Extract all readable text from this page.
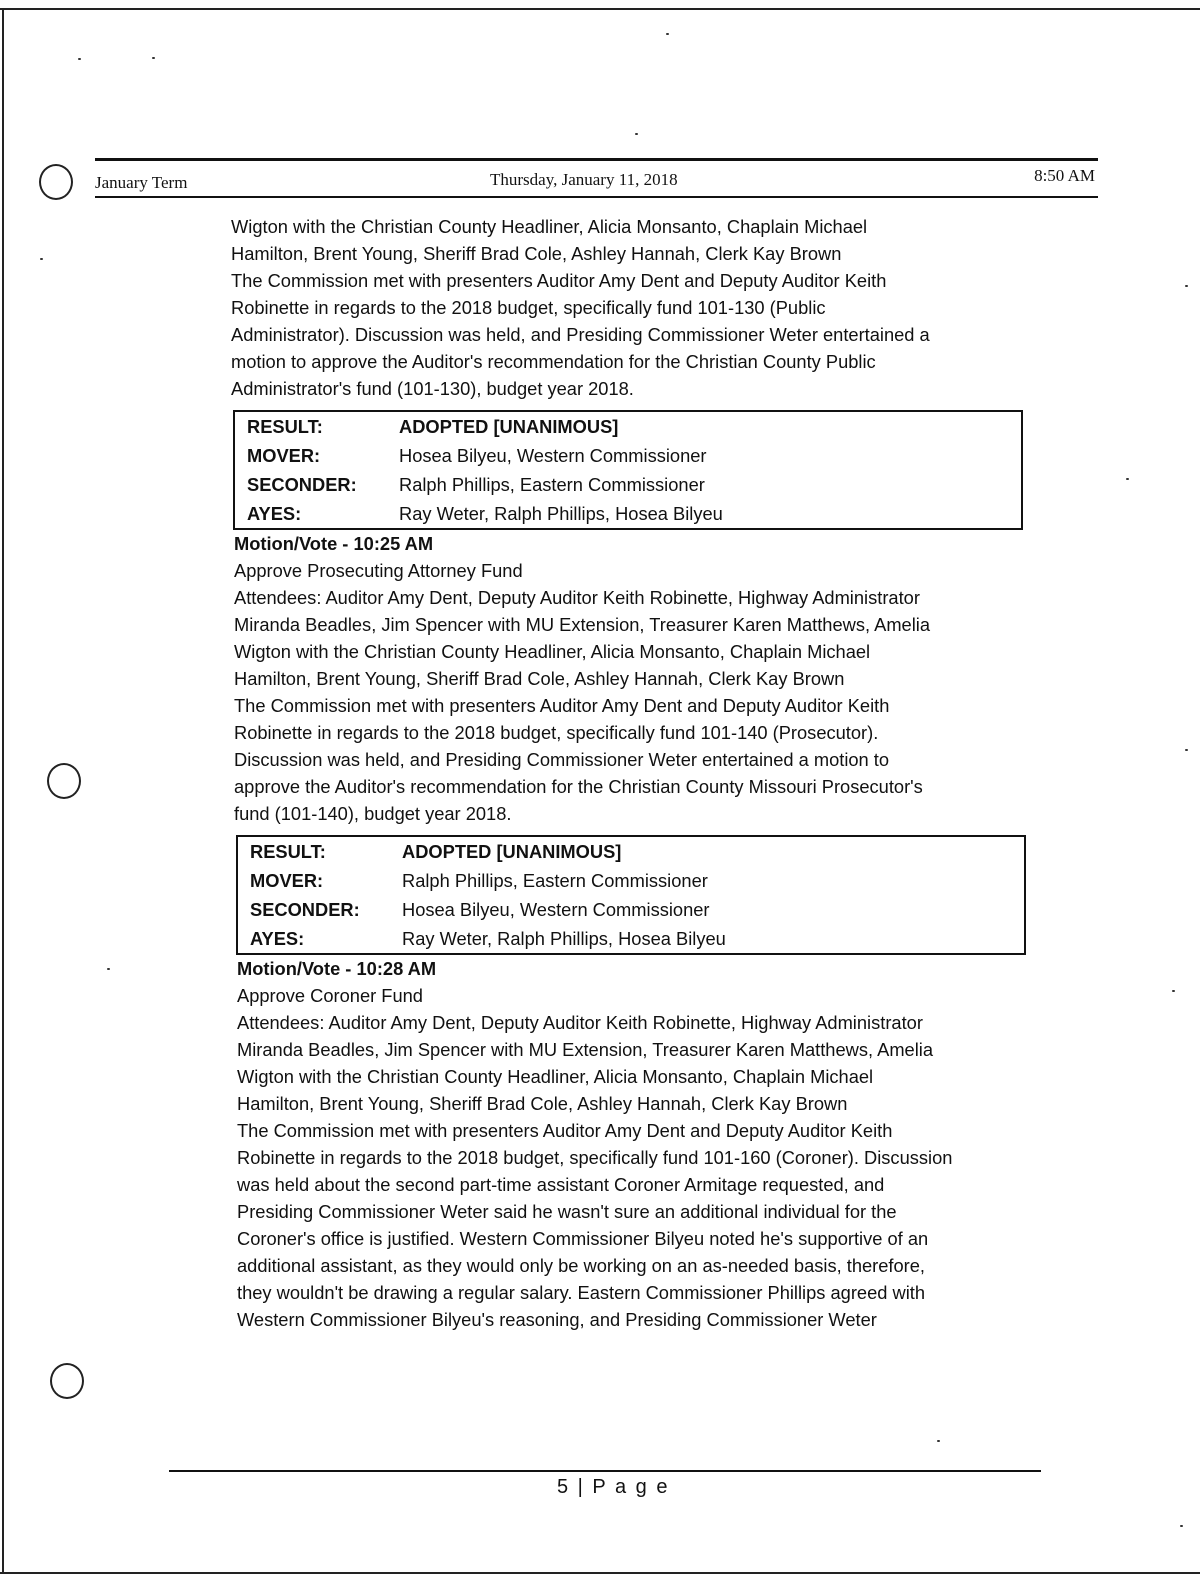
January Term	Thursday, January 11, 2018	8:50 AM

Wigton with the Christian County Headliner, Alicia Monsanto, Chaplain Michael
Hamilton, Brent Young, Sheriff Brad Cole, Ashley Hannah, Clerk Kay Brown

The Commission met with presenters Auditor Amy Dent and Deputy Auditor Keith
Robinette in regards to the 2018 budget, specifically fund 101-130 (Public
Administrator). Discussion was held, and Presiding Commissioner Weter entertained a
motion to approve the Auditor's recommendation for the Christian County Public
Administrator's fund (101-130), budget year 2018.

RESULT:	ADOPTED [UNANIMOUS]
MOVER:	Hosea Bilyeu, Western Commissioner
SECONDER:	Ralph Phillips, Eastern Commissioner
AYES:	Ray Weter, Ralph Phillips, Hosea Bilyeu

Motion/Vote - 10:25 AM

Approve Prosecuting Attorney Fund

Attendees: Auditor Amy Dent, Deputy Auditor Keith Robinette, Highway Administrator
Miranda Beadles, Jim Spencer with MU Extension, Treasurer Karen Matthews, Amelia
Wigton with the Christian County Headliner, Alicia Monsanto, Chaplain Michael
Hamilton, Brent Young, Sheriff Brad Cole, Ashley Hannah, Clerk Kay Brown

The Commission met with presenters Auditor Amy Dent and Deputy Auditor Keith
Robinette in regards to the 2018 budget, specifically fund 101-140 (Prosecutor).
Discussion was held, and Presiding Commissioner Weter entertained a motion to
approve the Auditor's recommendation for the Christian County Missouri Prosecutor's
fund (101-140), budget year 2018.

RESULT:	ADOPTED [UNANIMOUS]
MOVER:	Ralph Phillips, Eastern Commissioner
SECONDER:	Hosea Bilyeu, Western Commissioner
AYES:	Ray Weter, Ralph Phillips, Hosea Bilyeu

Motion/Vote - 10:28 AM

Approve Coroner Fund

Attendees: Auditor Amy Dent, Deputy Auditor Keith Robinette, Highway Administrator
Miranda Beadles, Jim Spencer with MU Extension, Treasurer Karen Matthews, Amelia
Wigton with the Christian County Headliner, Alicia Monsanto, Chaplain Michael
Hamilton, Brent Young, Sheriff Brad Cole, Ashley Hannah, Clerk Kay Brown

The Commission met with presenters Auditor Amy Dent and Deputy Auditor Keith
Robinette in regards to the 2018 budget, specifically fund 101-160 (Coroner). Discussion
was held about the second part-time assistant Coroner Armitage requested, and
Presiding Commissioner Weter said he wasn't sure an additional individual for the
Coroner's office is justified. Western Commissioner Bilyeu noted he's supportive of an
additional assistant, as they would only be working on an as-needed basis, therefore,
they wouldn't be drawing a regular salary. Eastern Commissioner Phillips agreed with
Western Commissioner Bilyeu's reasoning, and Presiding Commissioner Weter

5 | P a g e
